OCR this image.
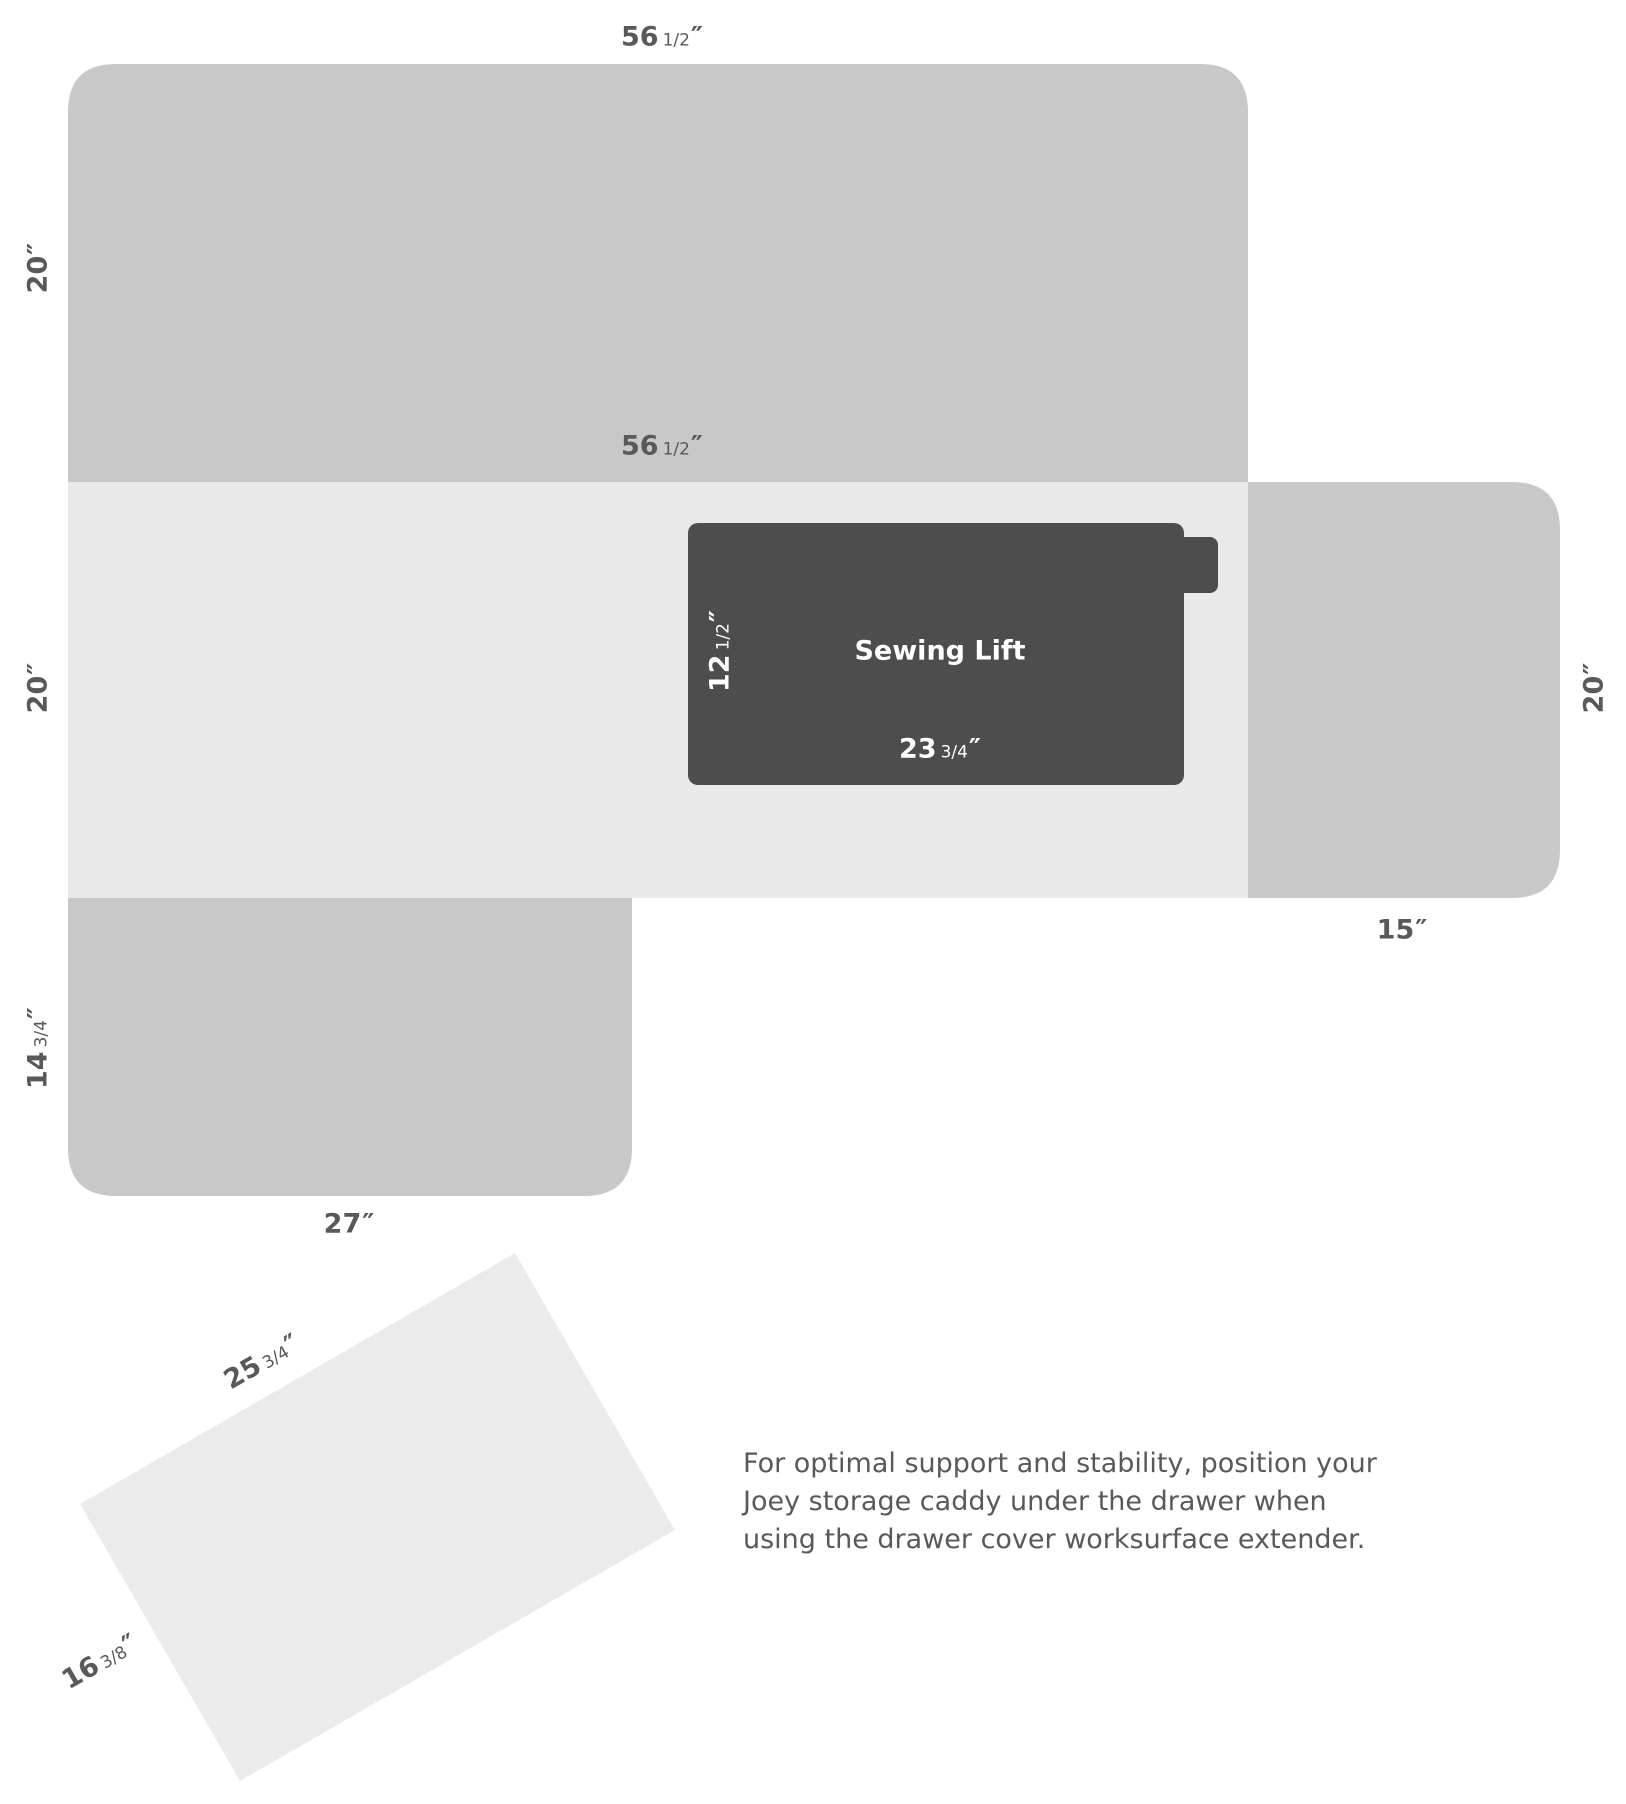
56 1/2″
20″
56 1/2″
20″
20″
15″
121/2″
Sewing Lift
23 3/4″
143/4″
27″
253/4″
163/8″

For optimal support and stability, position your Joey storage caddy under the drawer when using the drawer cover worksurface extender.
